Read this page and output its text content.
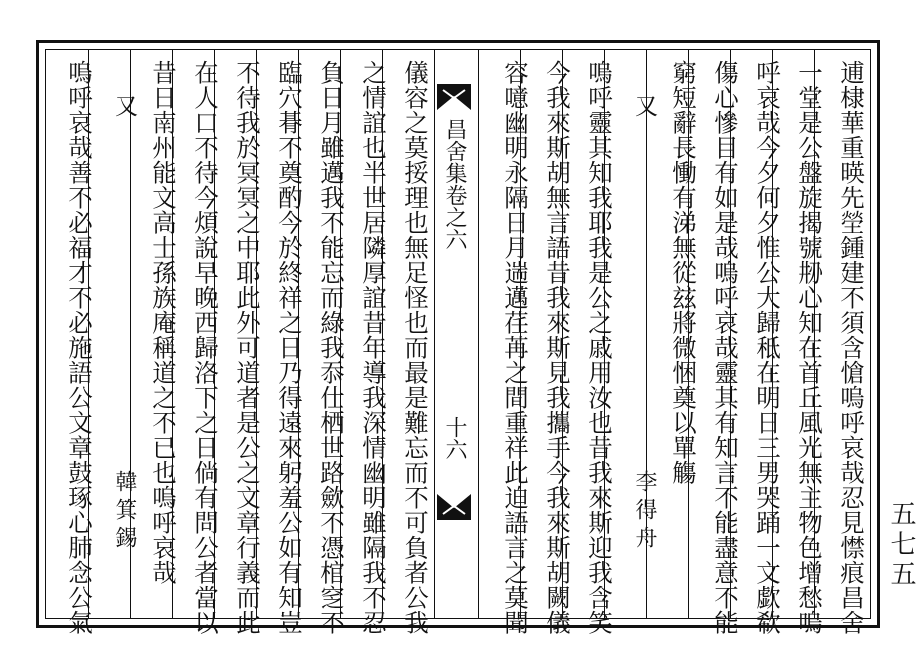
逋棣華重暎先塋鍾建不須含愴嗚呼哀哉忍見㦗痕昌舍
一堂是公盤旋揭號刱心知在首丘風光無主物色增愁嗚
呼哀哉今夕何夕惟公大歸秪在明日三男哭踊一文歔欷
傷心慘目有如是哉嗚呼哀哉靈其有知言不能盡意不能
窮短辭長慟有涕無從玆將微悃奠以單觴
又
李得舟
嗚呼靈其知我耶我是公之戚用汝也昔我來斯迎我含笑
今我來斯胡無言語昔我來斯見我攜手今我來斯胡闕儀
容噫幽明永隔日月遄邁荏苒之間重祥此迫語言之莫聞
昌舍集卷之六
十六
儀容之莫挼理也無足怪也而最是難忘而不可負者公我
之情誼也半世居隣厚誼昔年導我深情幽明雖隔我不忍
負日月雖邁我不能忘而綠我忝仕栖世路歛不憑棺窆不
臨穴朞不奠酌今於終祥之日乃得遠來躬羞公如有知豈
不待我於冥冥之中耶此外可道者是公之文章行義而此
在人口不待今煩說早晚西歸洛下之日倘有問公者當以
昔日南州能文高士孫族庵稱道之不已也嗚呼哀哉
又
韓箕錫
嗚呼哀哉善不必福才不必施語公文章鼓琢心肺念公氣	五七五
